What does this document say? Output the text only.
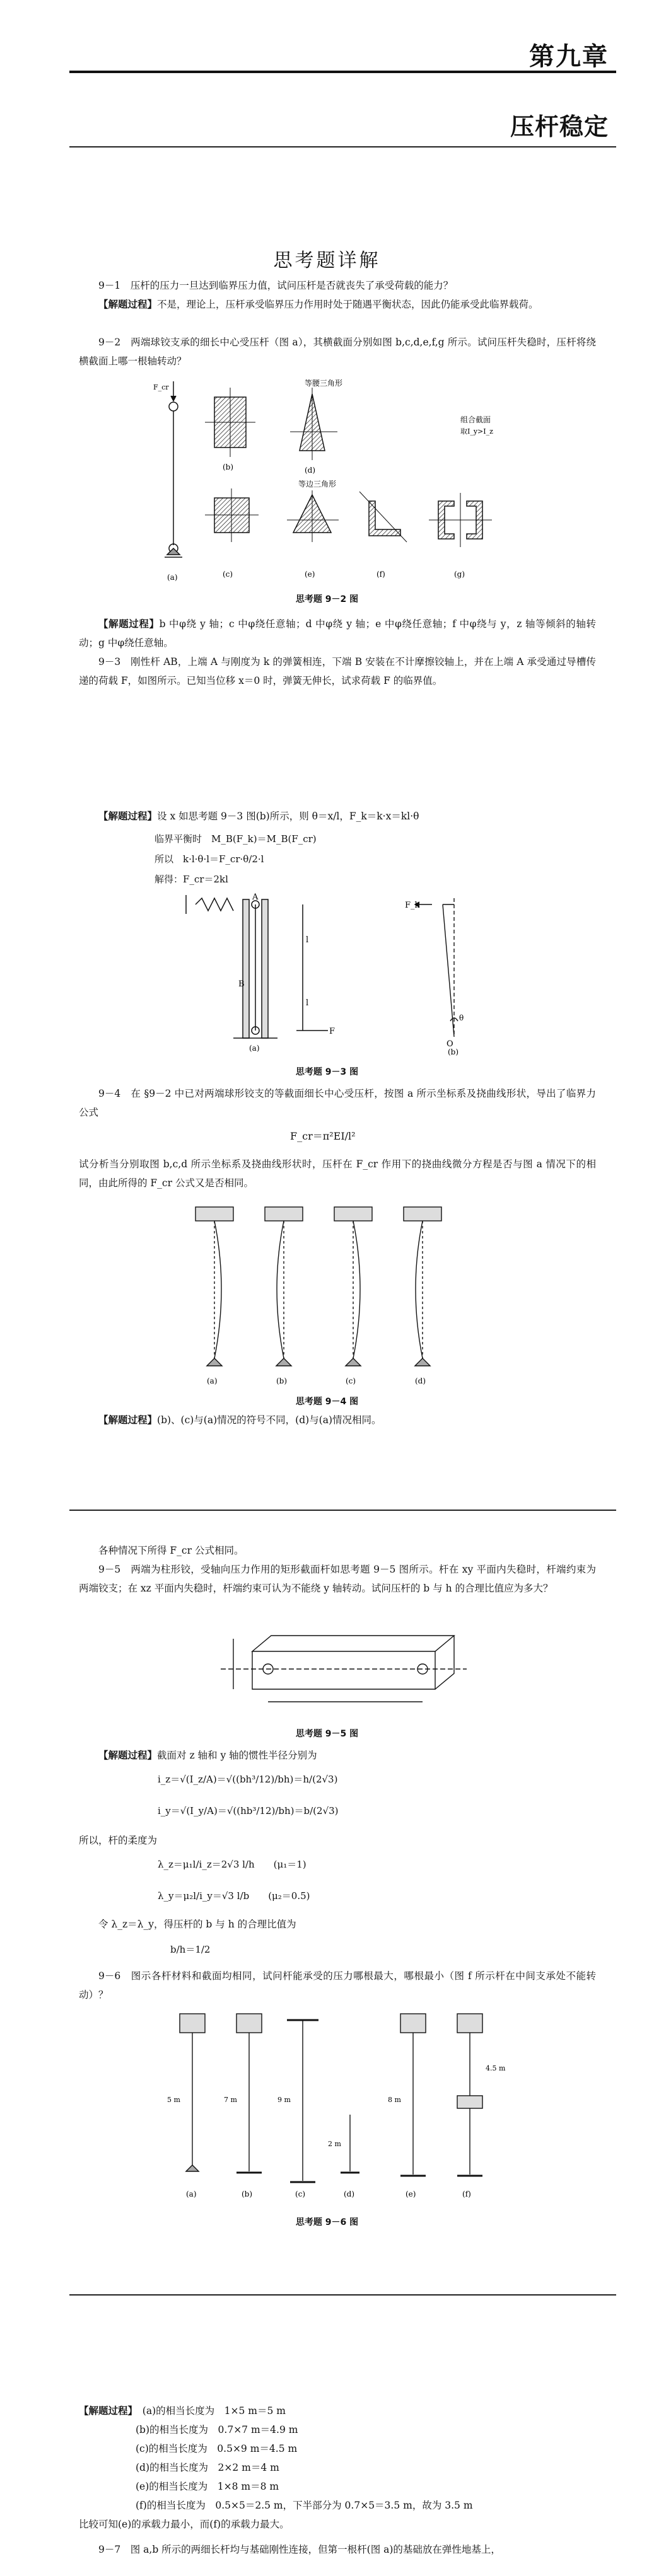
第九章
压杆稳定
思考题详解
9－1　压杆的压力一旦达到临界压力值，试问压杆是否就丧失了承受荷载的能力？
【解题过程】不是，理论上，压杆承受临界压力作用时处于随遇平衡状态，因此仍能承受此临界载荷。
9－2　两端球铰支承的细长中心受压杆（图 a），其横截面分别如图 b,c,d,e,f,g 所示。试问压杆失稳时，压杆将绕横截面上哪一根轴转动？
F_cr
(a)
(b)
等腰三角形
(d)
组合截面
取I_y>I_z
(c)
等边三角形
(e)	(f)	(g)
思考题 9－2 图
【解题过程】b 中φ绕 y 轴；c 中φ绕任意轴；d 中φ绕 y 轴；e 中φ绕任意轴；f 中φ绕与 y，z 轴等倾斜的轴转动；g 中φ绕任意轴。
9－3　刚性杆 AB，上端 A 与刚度为 k 的弹簧相连，下端 B 安装在不计摩擦铰轴上，并在上端 A 承受通过导槽传递的荷载 F，如图所示。已知当位移 x＝0 时，弹簧无伸长，试求荷载 F 的临界值。
【解题过程】设 x 如思考题 9－3 图(b)所示，则 θ＝x/l，F_k＝k·x＝kl·θ
临界平衡时　M_B(F_k)＝M_B(F_cr)
所以　k·l·θ·l＝F_cr·θ/2·l
解得：F_cr＝2kl
B
A
l
l
F
(a)
F_k
θ
O
(b)
思考题 9－3 图
9－4　在 §9－2 中已对两端球形铰支的等截面细长中心受压杆，按图 a 所示坐标系及挠曲线形状，导出了临界力公式
F_cr＝π²EI/l²
试分析当分别取图 b,c,d 所示坐标系及挠曲线形状时，压杆在 F_cr 作用下的挠曲线微分方程是否与图 a 情况下的相同，由此所得的 F_cr 公式又是否相同。
(a)	(b)	(c)	(d)
思考题 9－4 图
【解题过程】(b)、(c)与(a)情况的符号不同，(d)与(a)情况相同。
各种情况下所得 F_cr 公式相同。
9－5　两端为柱形铰，受轴向压力作用的矩形截面杆如思考题 9－5 图所示。杆在 xy 平面内失稳时，杆端约束为两端铰支；在 xz 平面内失稳时，杆端约束可认为不能绕 y 轴转动。试问压杆的 b 与 h 的合理比值应为多大？
思考题 9－5 图
【解题过程】截面对 z 轴和 y 轴的惯性半径分别为
i_z＝√(I_z/A)＝√((bh³/12)/bh)＝h/(2√3)
i_y＝√(I_y/A)＝√((hb³/12)/bh)＝b/(2√3)
所以，杆的柔度为
λ_z＝μ₁l/i_z＝2√3 l/h　　(μ₁＝1)
λ_y＝μ₂l/i_y＝√3 l/b　　(μ₂＝0.5)
令 λ_z＝λ_y，得压杆的 b 与 h 的合理比值为
b/h＝1/2
9－6　图示各杆材料和截面均相同，试问杆能承受的压力哪根最大，哪根最小（图 f 所示杆在中间支承处不能转动）？
5 m	7 m	9 m
2 m
8 m
4.5 m
(a)	(b)	(c)	(d)	(e)	(f)
思考题 9－6 图
【解题过程】　 (a)的相当长度为　 1×5 m＝5 m
(b)的相当长度为　 0.7×7 m＝4.9 m
(c)的相当长度为　 0.5×9 m＝4.5 m
(d)的相当长度为　 2×2 m＝4 m
(e)的相当长度为　 1×8 m＝8 m
(f)的相当长度为　 0.5×5＝2.5 m，下半部分为 0.7×5＝3.5 m，故为 3.5 m
比较可知(e)的承载力最小，而(f)的承载力最大。
9－7　图 a,b 所示的两细长杆均与基础刚性连接，但第一根杆(图 a)的基础放在弹性地基上，
